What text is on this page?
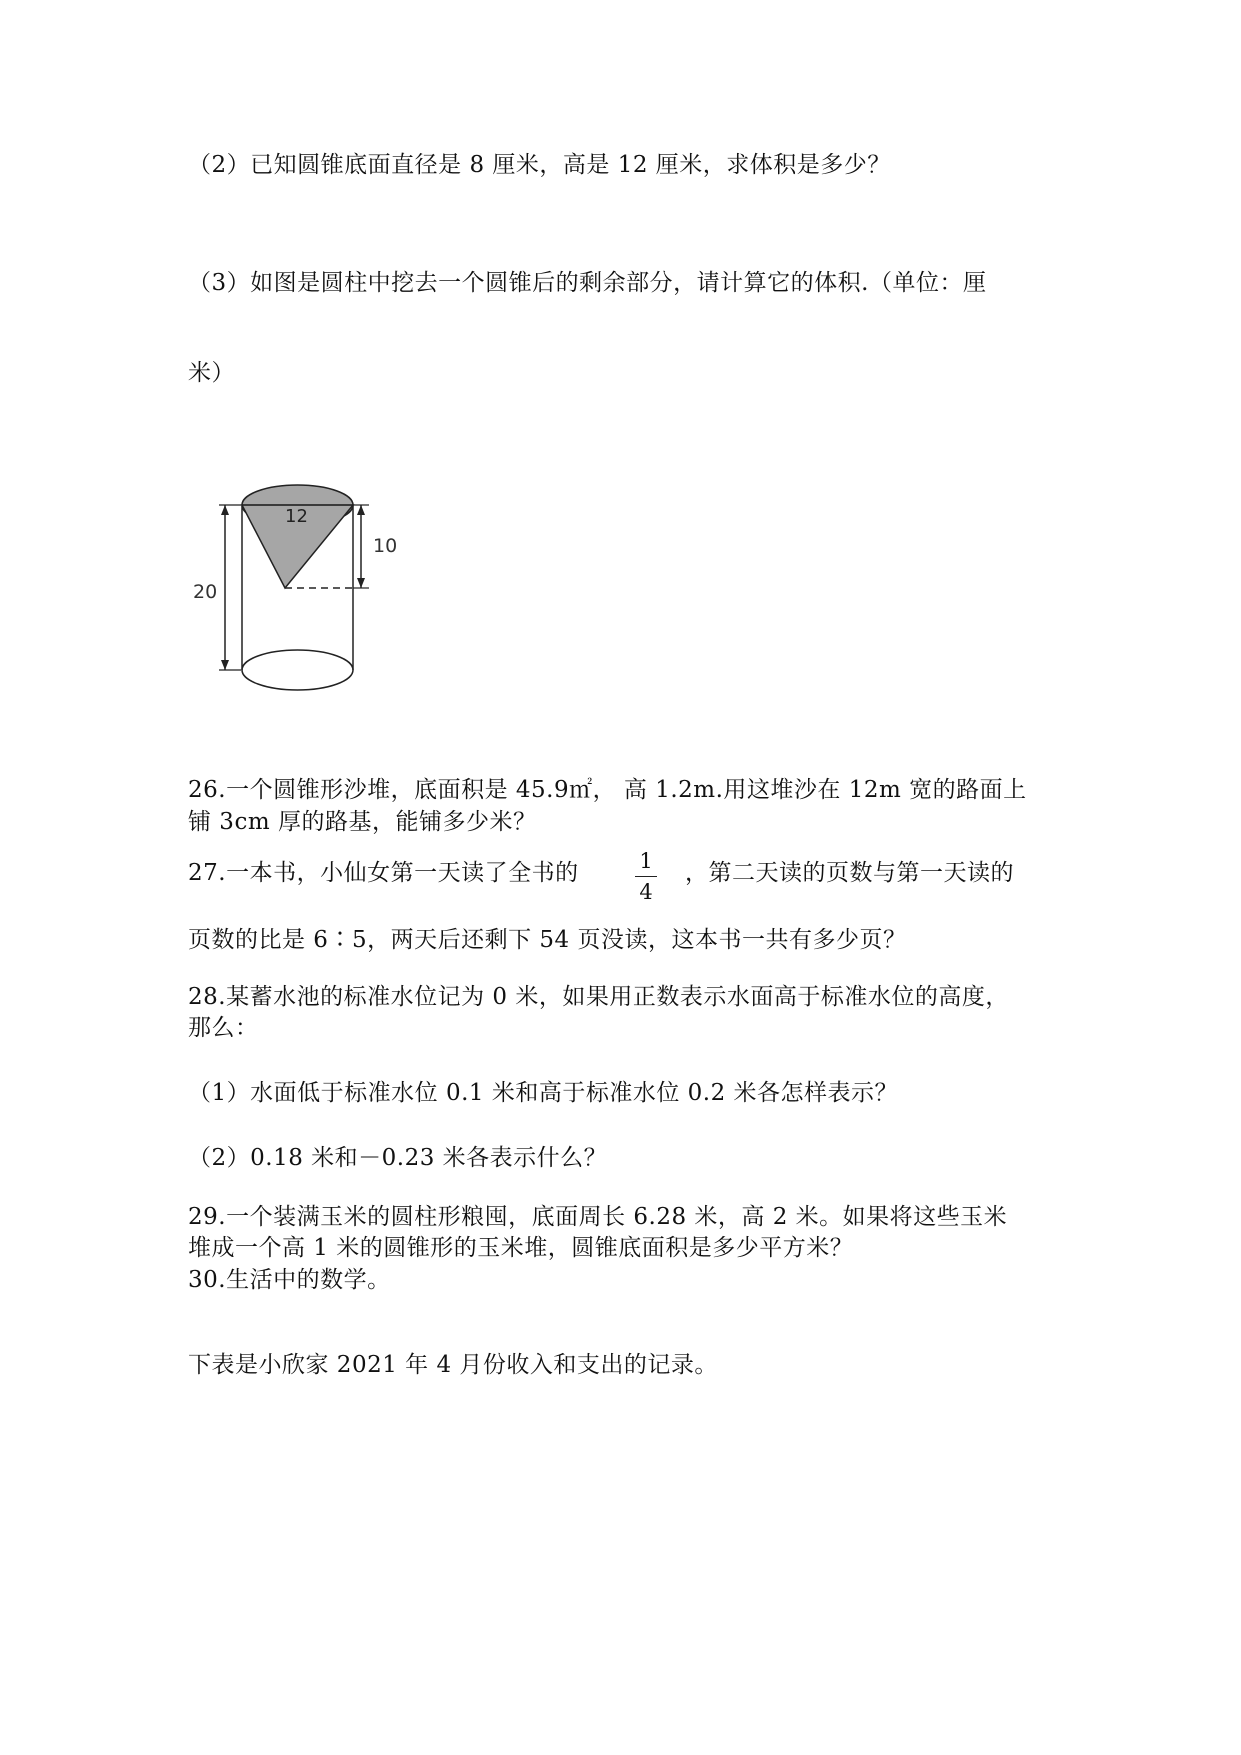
（2）已知圆锥底面直径是 8 厘米，高是 12 厘米，求体积是多少？
（3）如图是圆柱中挖去一个圆锥后的剩余部分，请计算它的体积.（单位：厘
米）
20
12
10
26.一个圆锥形沙堆，底面积是 45.9㎡， 高 1.2m.用这堆沙在 12m 宽的路面上
铺 3cm 厚的路基，能铺多少米？
27.一本书，小仙女第一天读了全书的	1
4
，第二天读的页数与第一天读的
页数的比是 6∶5，两天后还剩下 54 页没读，这本书一共有多少页？
28.某蓄水池的标准水位记为 0 米，如果用正数表示水面高于标准水位的高度，
那么：
（1）水面低于标准水位 0.1 米和高于标准水位 0.2 米各怎样表示？
（2）0.18 米和－0.23 米各表示什么？
29.一个装满玉米的圆柱形粮囤，底面周长 6.28 米，高 2 米。如果将这些玉米
堆成一个高 1 米的圆锥形的玉米堆，圆锥底面积是多少平方米？
30.生活中的数学。
下表是小欣家 2021 年 4 月份收入和支出的记录。
